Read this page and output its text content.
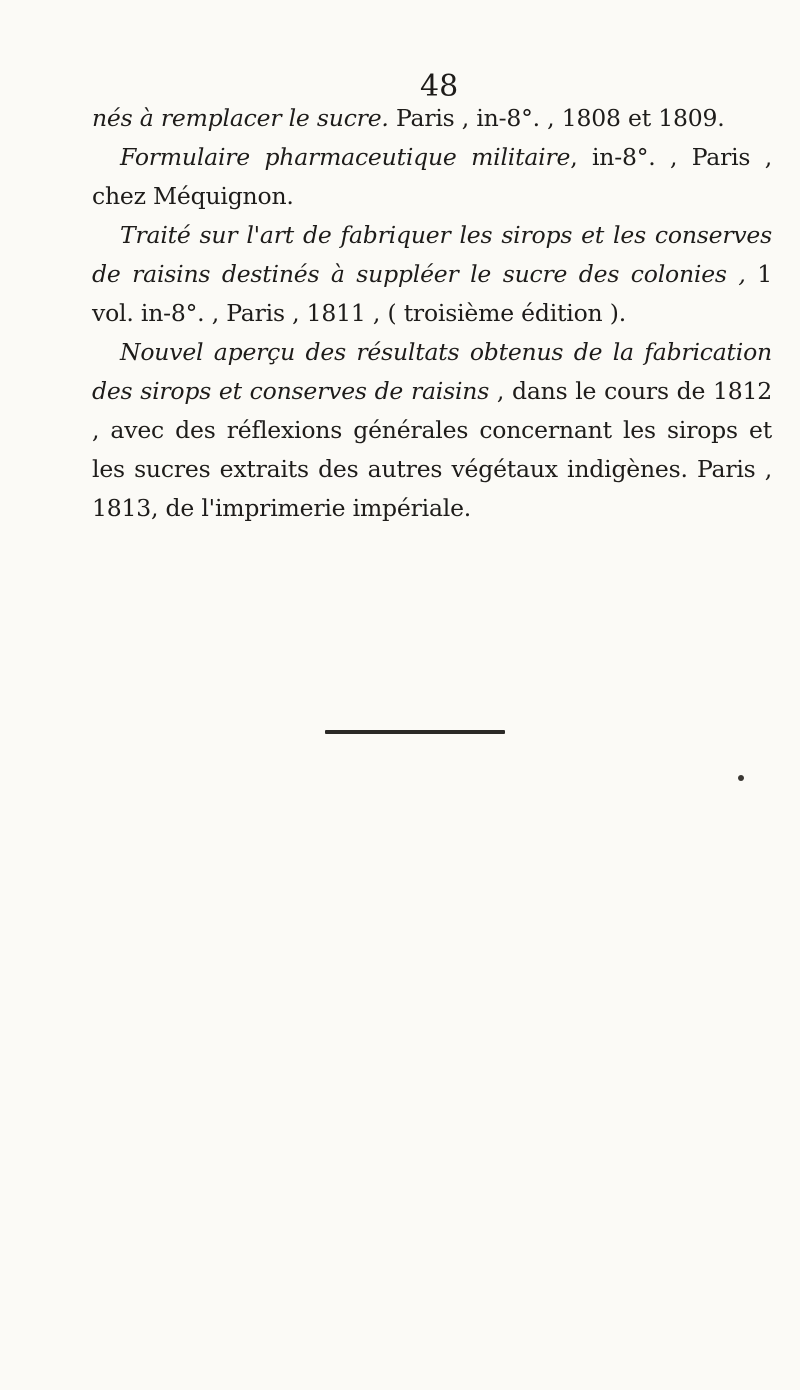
48

nés à remplacer le sucre. Paris , in-8°. , 1808 et 1809.

Formulaire pharmaceutique militaire, in-8°. , Paris , chez Méquignon.

Traité sur l'art de fabriquer les sirops et les conserves de raisins destinés à suppléer le sucre des colonies , 1 vol. in-8°. , Paris , 1811 , ( troisième édition ).

Nouvel aperçu des résultats obtenus de la fabrication des sirops et conserves de raisins , dans le cours de 1812 , avec des réflexions générales concernant les sirops et les sucres extraits des autres végétaux indigènes. Paris , 1813, de l'imprimerie impériale.
